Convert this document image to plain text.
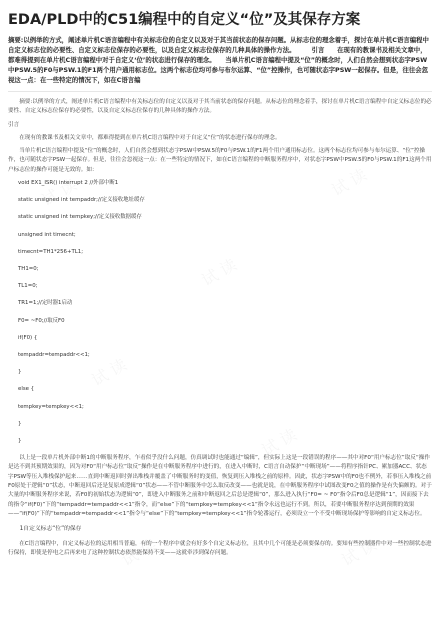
EDA/PLD中的C51编程中的自定义“位”及其保存方案

摘要:以例举的方式，阐述单片机C语言编程中有关标志位的自定义以及对于其当前状态的保存问题。从标志位的理念着手，探讨在单片机C语言编程中自定义标志位的必要性、自定义标志位保存的必要性，以及自定义标志位保存的几种具体的操作方法。　　　引言　　在现有的教课书及相关文章中，都难得提到在单片机C语言编程中对于自定义‘位’的状态进行保存的理念。　　当单片机C语言编程中提及“位”的概念时，人们自然会想到状态字PSW中PSW.5的F0与PSW.1的F1两个用户通用标志位。这两个标志位均可参与布尔运算、“位”控操作，也可随状态字PSW一起保存。但是，往往会忽视这一点：在一些特定的情况下，如在C语言编

摘要:以例举的方式，阐述单片机C语言编程中有关标志位的自定义以及对于其当前状态的保存问题。从标志位的理念着手，探讨在单片机C语言编程中自定义标志位的必要性、自定义标志位保存的必要性，以及自定义标志位保存的几种具体的操作方法。

引言

在现有的教课书及相关文章中，都难得提到在单片机C语言编程中对于自定义“位”的状态进行保存的理念。

当单片机C语言编程中提及“位”的概念时，人们自然会想到状态字PSW中PSW.5的F0与PSW.1的F1两个用户通用标志位。这两个标志位均可参与布尔运算、“位”控操作，也可随状态字PSW一起保存。但是，往往会忽视这一点：在一些特定的情况下，如在C语言编程的中断服务程序中，对状态字PSW中PSW.5的F0与PSW.1的F1这两个用户标志位的操作可能是无效的。如：

void EX1_ISR() interrupt 2 //外部中断1
static unsigned int tempaddr;//定义接收地址缓存
static unsigned int tempkey;//定义接收数据缓存
unsigned int timecnt;
timecnt=TH1*256+TL1;
TH1=0;
TL1=0;
TR1=1;//定时器1启动
F0= ~F0;//取反F0
if(F0) {
tempaddr=tempaddr<<1;
}
else {
tempkey=tempkey<<1;
}
}

以上是一段单片机外部中断1的中断服务程序，乍看似乎没什么问题，仿真调试时也能通过“编辑”，但实际上这是一段错误的程序——其中对F0“用户标志位”取反“操作是达不到其预期效果的，因为对F0“用户标志位”取反”操作是在中断服务程序中进行的，在进入中断时，C语言自动保护“中断现场”——将程序指针PC、累加器ACC、状态字PSW等压入堆栈保护起来……直到中断返回时弹出堆栈并覆盖了中断服务时的变值，恢复到压入堆栈之前的原样。因此，状态字PSW中的F0也不例外，若事压入堆栈之前F0原处于逻辑“0”状态，中断返回后还是复原成逻辑“0”状态——不管中断服务中怎么取反改变——也就是说，在中断服务程序中试图改变F0之值的操作是有失偏颇的。对于大量的中断服务程序来说，若F0的初始状态为逻辑“0”，即进入中断服务之前和中断返回之后总是逻辑“0”，那么进入执行“F0= ~ F0”指令后F0总是逻辑“1”，因而接下去的指令“if(F0)”下的“tempaddr=tempaddr<<1”指令，而“else”下的“tempkey=tempkey<<1”指令永远也运行不到。所以，若要中断服务程序达到预期的效果——“if(F0)”下的“tempaddr=tempaddr<<1”指令与“else”下的“tempkey=tempkey<<1”指令轮番运行，必须设立一个不受中断现场保护等影响的自定义标志位。

1自定义标志“位”的保存

在C语言编程中，自定义标志位的运用相当普遍，有的一个程序中就会有好多个自定义标志位，且其中几个可能是必须要保存的。要知有些控制器件中对一些控制状态进行保持，即使是停电之后再来电了这种控制状态依然能保持不变——这就牵涉到保存问题。
